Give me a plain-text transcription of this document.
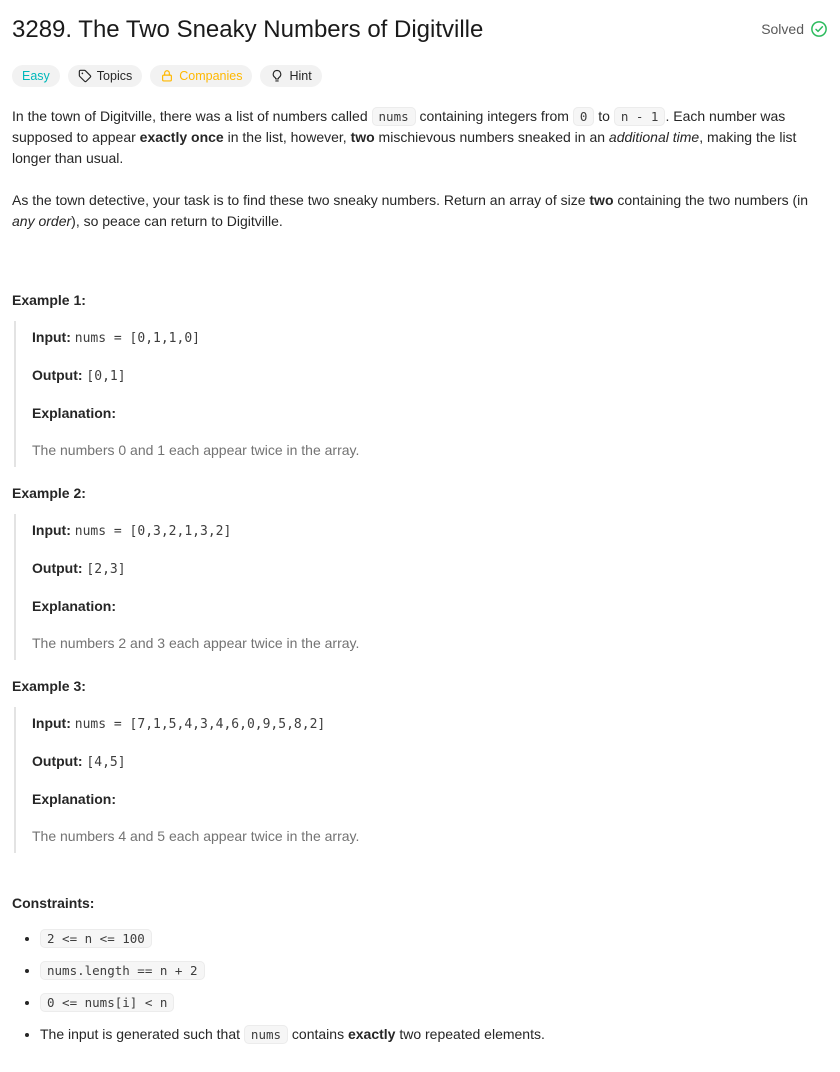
3289. The Two Sneaky Numbers of Digitville	Solved
Easy	Topics	Companies	Hint

In the town of Digitville, there was a list of numbers called nums containing integers from 0 to n - 1 . Each number was supposed to appear exactly once in the list, however, two mischievous numbers sneaked in an additional time, making the list longer than usual.

As the town detective, your task is to find these two sneaky numbers. Return an array of size two containing the two numbers (in any order), so peace can return to Digitville.

Example 1:
Input: nums = [0,1,1,0]
Output: [0,1]
Explanation:
The numbers 0 and 1 each appear twice in the array.
Example 2:
Input: nums = [0,3,2,1,3,2]
Output: [2,3]
Explanation:
The numbers 2 and 3 each appear twice in the array.
Example 3:
Input: nums = [7,1,5,4,3,4,6,0,9,5,8,2]
Output: [4,5]
Explanation:
The numbers 4 and 5 each appear twice in the array.
Constraints:
• 2 <= n <= 100
• nums.length == n + 2
• 0 <= nums[i] < n
• The input is generated such that nums contains exactly two repeated elements.
